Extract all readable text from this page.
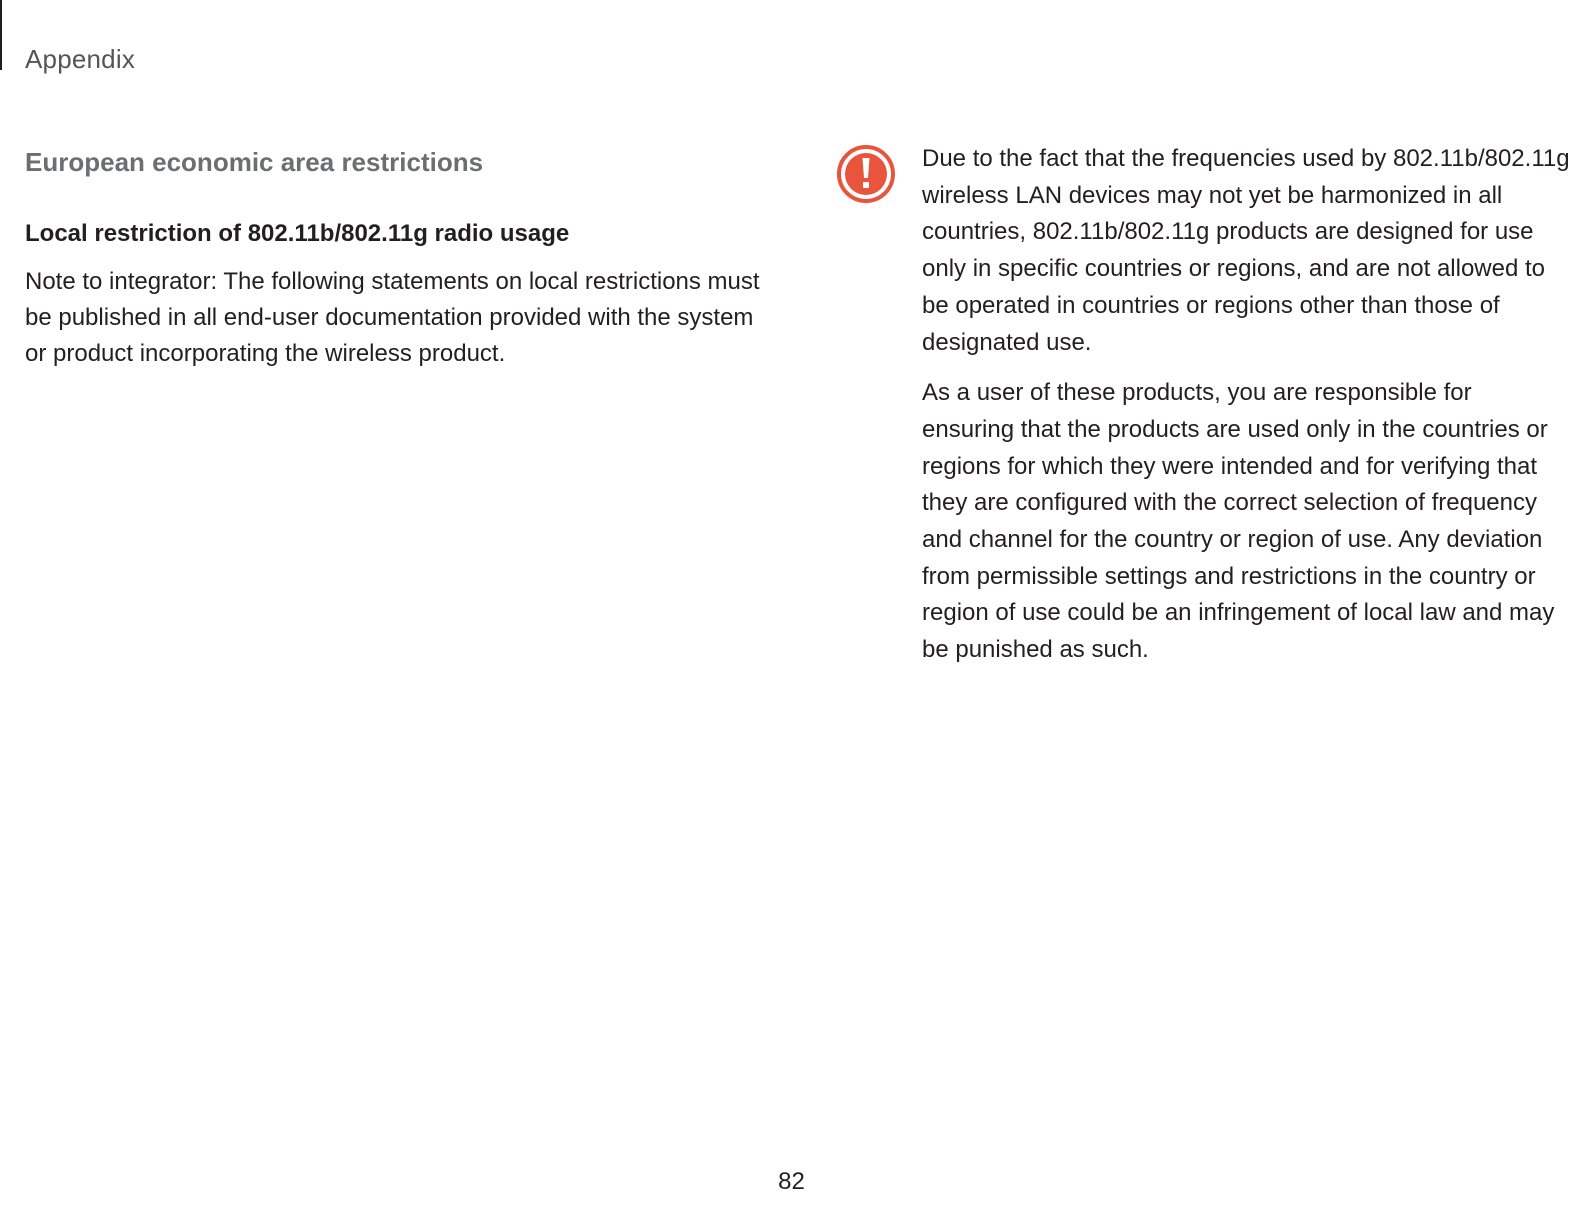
Appendix
European economic area restrictions
Local restriction of 802.11b/802.11g radio usage

Note to integrator: The following statements on local restrictions must be published in all end-user documentation provided with the system or product incorporating the wireless product.

Due to the fact that the frequencies used by 802.11b/802.11g wireless LAN devices may not yet be harmonized in all countries, 802.11b/802.11g products are designed for use only in specific countries or regions, and are not allowed to be operated in countries or regions other than those of designated use.

As a user of these products, you are responsible for ensuring that the products are used only in the countries or regions for which they were intended and for verifying that they are configured with the correct selection of frequency and channel for the country or region of use. Any deviation from permissible settings and restrictions in the country or region of use could be an infringement of local law and may be punished as such.

82
